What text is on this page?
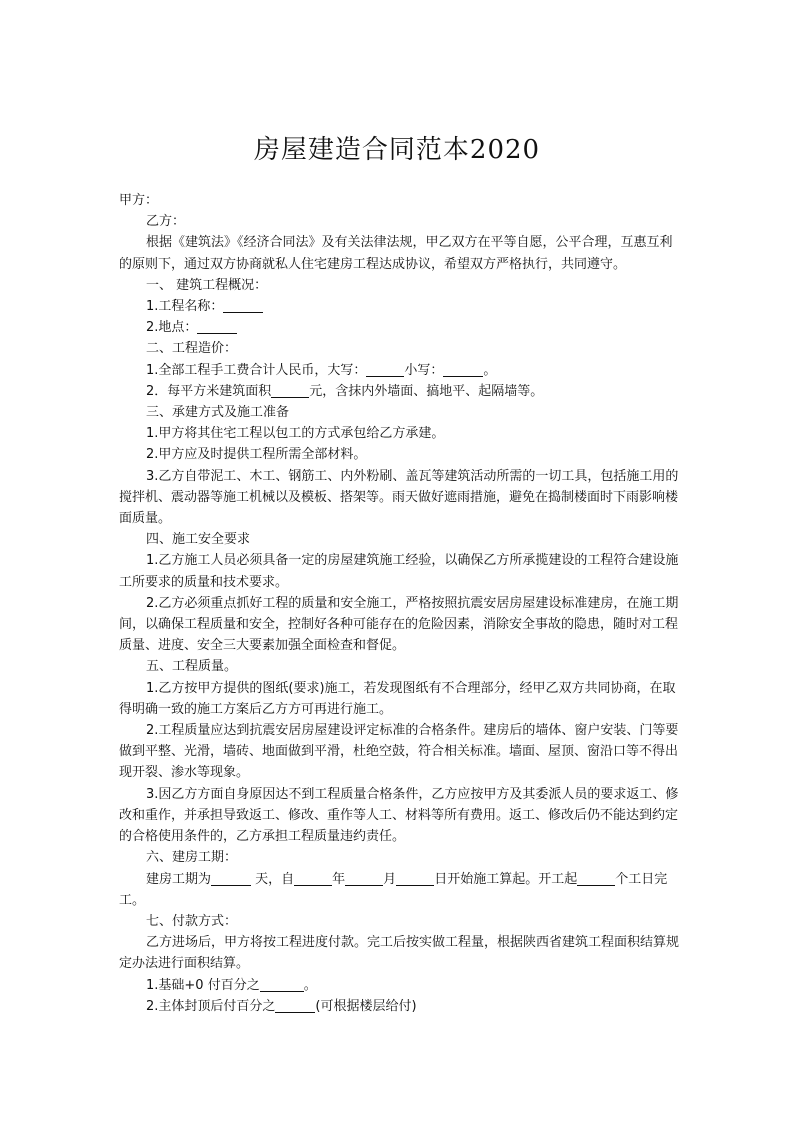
房屋建造合同范本2020

甲方：

乙方：

根据《建筑法》《经济合同法》及有关法律法规，甲乙双方在平等自愿，公平合理，互惠互利的原则下，通过双方协商就私人住宅建房工程达成协议，希望双方严格执行，共同遵守。

一、 建筑工程概况：

1.工程名称：

2.地点：

二、工程造价：

1.全部工程手工费合计人民币，大写：	小写：	。

2．每平方米建筑面积	元，含抹内外墙面、搞地平、起隔墙等。

三、承建方式及施工准备

1.甲方将其住宅工程以包工的方式承包给乙方承建。

2.甲方应及时提供工程所需全部材料。

3.乙方自带泥工、木工、钢筋工、内外粉刷、盖瓦等建筑活动所需的一切工具，包括施工用的搅拌机、震动器等施工机械以及模板、搭架等。雨天做好遮雨措施，避免在捣制楼面时下雨影响楼面质量。

四、施工安全要求

1.乙方施工人员必须具备一定的房屋建筑施工经验，以确保乙方所承揽建设的工程符合建设施工所要求的质量和技术要求。

2.乙方必须重点抓好工程的质量和安全施工，严格按照抗震安居房屋建设标准建房，在施工期间，以确保工程质量和安全，控制好各种可能存在的危险因素，消除安全事故的隐患，随时对工程质量、进度、安全三大要素加强全面检查和督促。

五、工程质量。

1.乙方按甲方提供的图纸(要求)施工，若发现图纸有不合理部分，经甲乙双方共同协商，在取得明确一致的施工方案后乙方方可再进行施工。

2.工程质量应达到抗震安居房屋建设评定标准的合格条件。建房后的墙体、窗户安装、门等要做到平整、光滑，墙砖、地面做到平滑，杜绝空鼓，符合相关标准。墙面、屋顶、窗沿口等不得出现开裂、渗水等现象。

3.因乙方方面自身原因达不到工程质量合格条件，乙方应按甲方及其委派人员的要求返工、修改和重作，并承担导致返工、修改、重作等人工、材料等所有费用。返工、修改后仍不能达到约定的合格使用条件的，乙方承担工程质量违约责任。

六、建房工期：

建房工期为	天，自	年	月	日开始施工算起。开工起	个工日完工。

七、付款方式：

乙方进场后，甲方将按工程进度付款。完工后按实做工程量，根据陕西省建筑工程面积结算规定办法进行面积结算。

1.基础+0 付百分之	。

2.主体封顶后付百分之	(可根据楼层给付)
